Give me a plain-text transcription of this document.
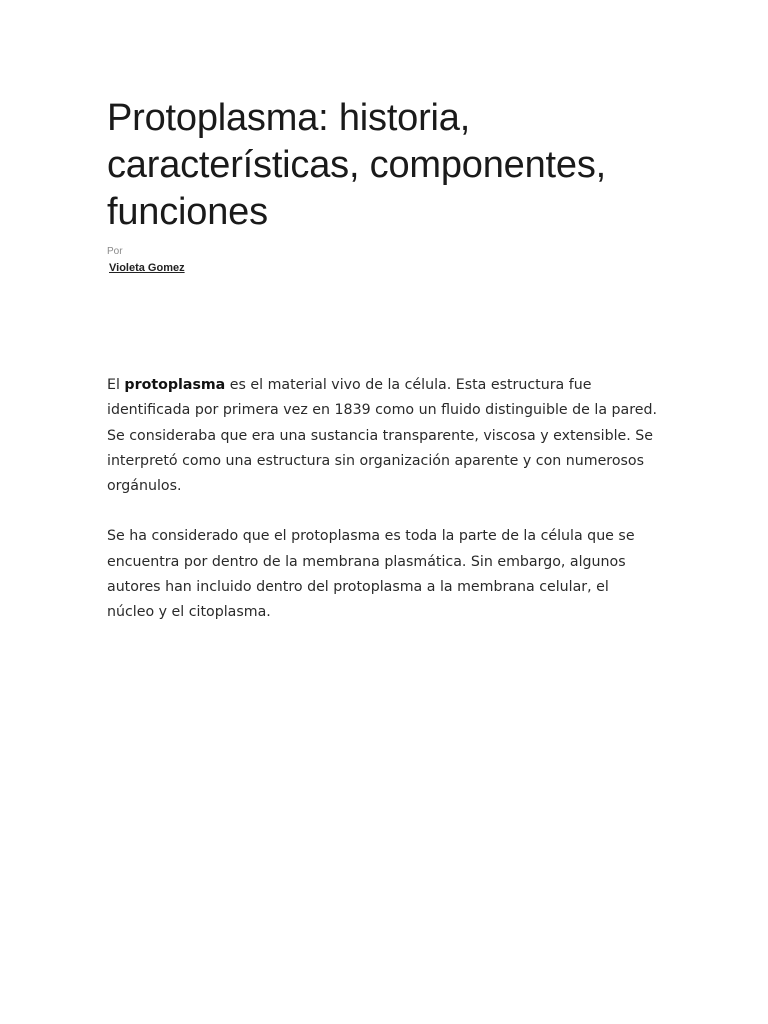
Protoplasma: historia,
características, componentes,
funciones
Por
Violeta Gomez

El protoplasma es el material vivo de la célula. Esta estructura fue identificada por primera vez en 1839 como un fluido distinguible de la pared. Se consideraba que era una sustancia transparente, viscosa y extensible. Se interpretó como una estructura sin organización aparente y con numerosos orgánulos.

Se ha considerado que el protoplasma es toda la parte de la célula que se encuentra por dentro de la membrana plasmática. Sin embargo, algunos autores han incluido dentro del protoplasma a la membrana celular, el núcleo y el citoplasma.
